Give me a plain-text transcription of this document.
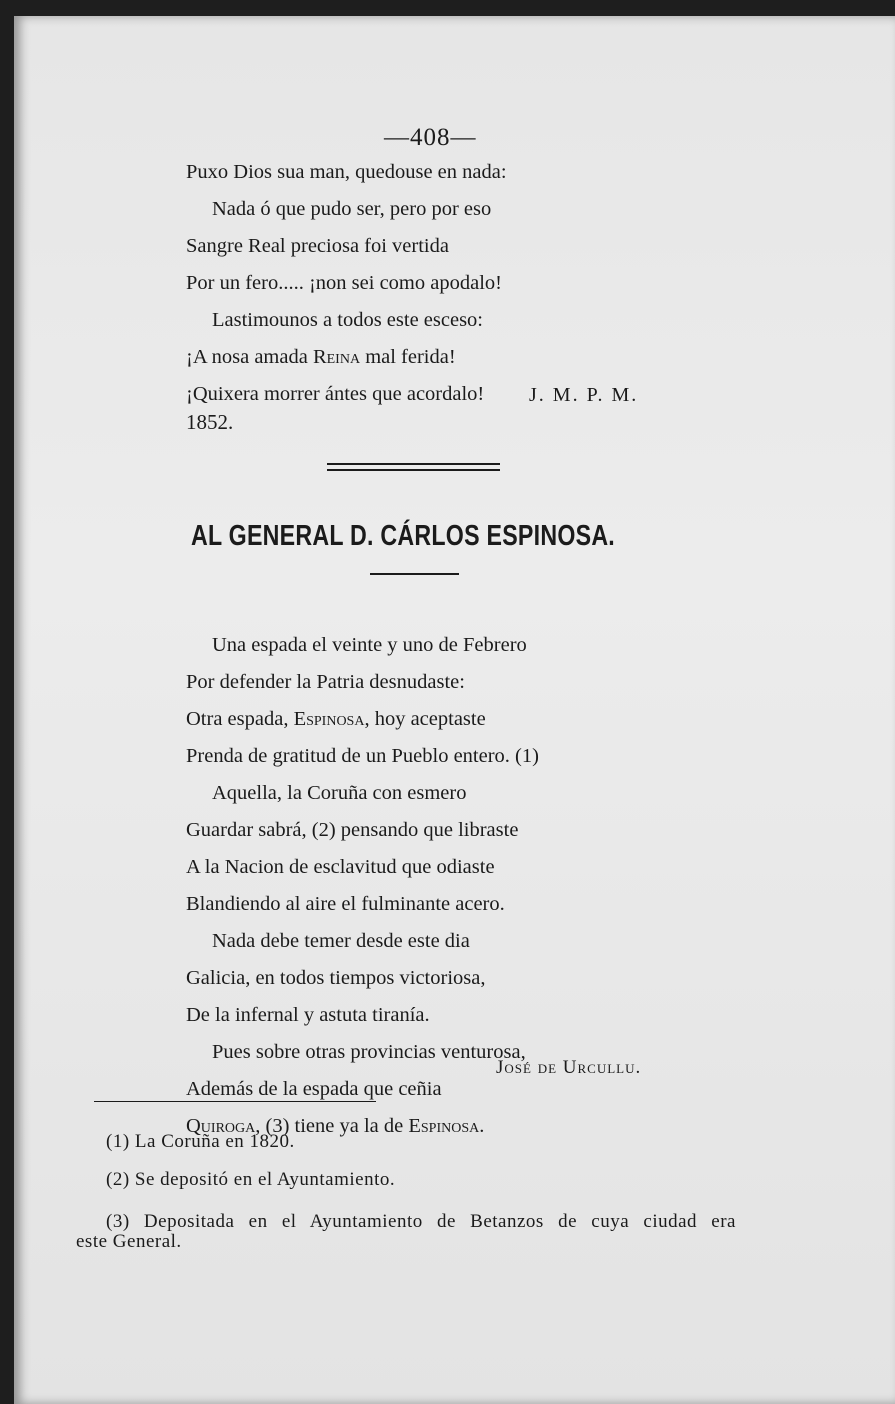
—408—
Puxo Dios sua man, quedouse en nada:
Nada ó que pudo ser, pero por eso
Sangre Real preciosa foi vertida
Por un fero..... ¡non sei como apodalo!
Lastimounos a todos este esceso:
¡A nosa amada Reina mal ferida!
¡Quixera morrer ántes que acordalo!	J. M. P. M.
1852.
AL GENERAL D. CÁRLOS ESPINOSA.
Una espada el veinte y uno de Febrero
Por defender la Patria desnudaste:
Otra espada, Espinosa, hoy aceptaste
Prenda de gratitud de un Pueblo entero. (1)
Aquella, la Coruña con esmero
Guardar sabrá, (2) pensando que libraste
A la Nacion de esclavitud que odiaste
Blandiendo al aire el fulminante acero.
Nada debe temer desde este dia
Galicia, en todos tiempos victoriosa,
De la infernal y astuta tiranía.
Pues sobre otras provincias venturosa,
Además de la espada que ceñia
Quiroga, (3) tiene ya la de Espinosa.
José de Urcullu.
(1) La Coruña en 1820.
(2) Se depositó en el Ayuntamiento.
(3) Depositada en el Ayuntamiento de Betanzos de cuya ciudad era
este General.
